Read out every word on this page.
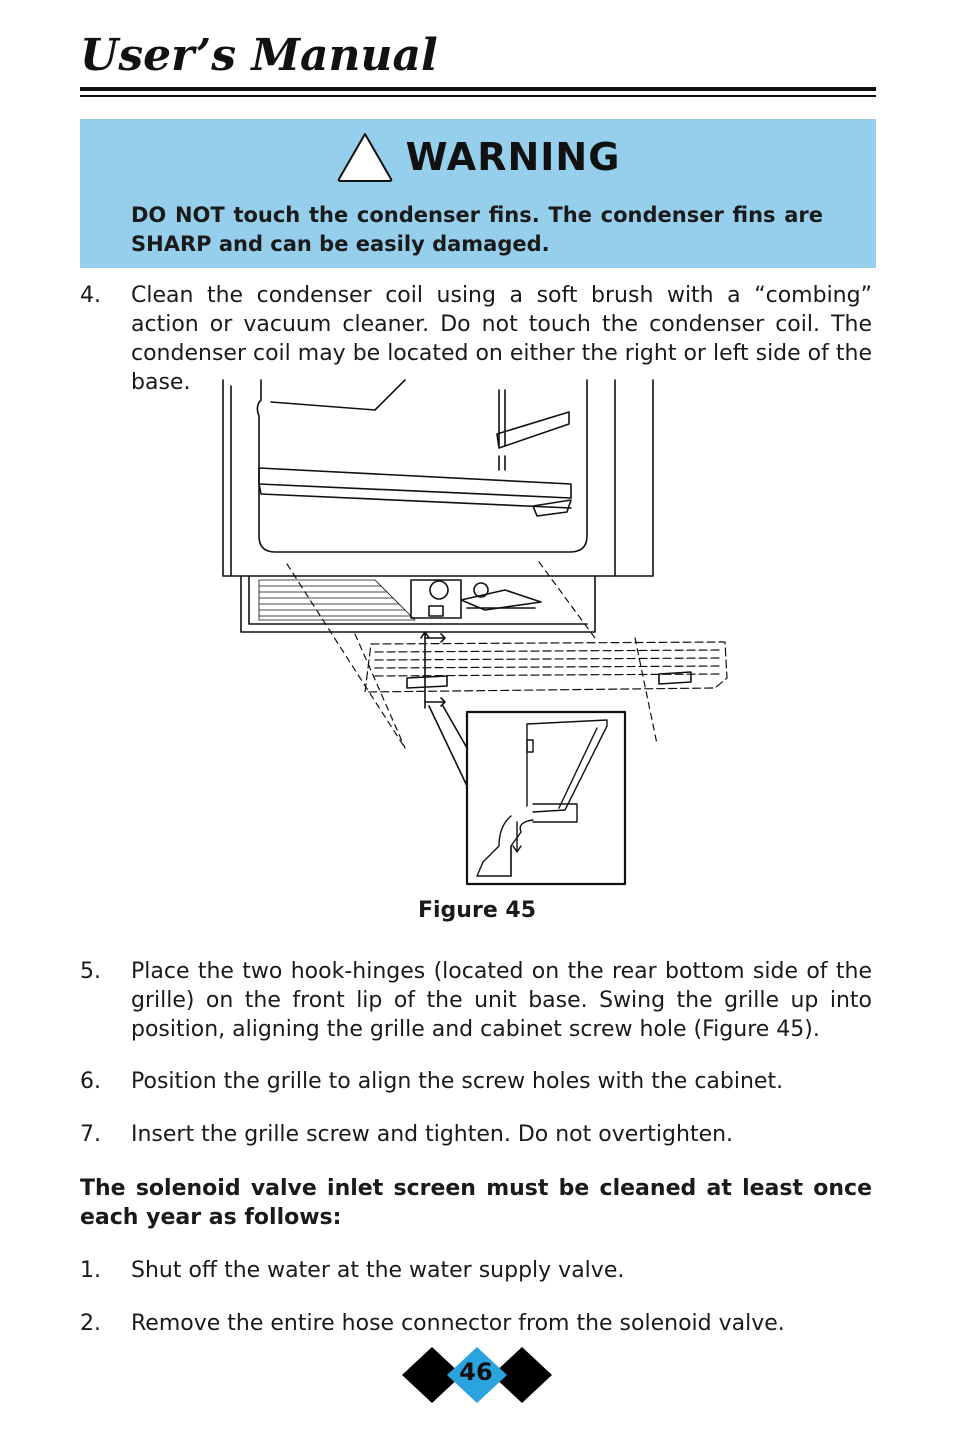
User’s Manual
WARNING
DO NOT touch the condenser fins. The condenser fins are SHARP and can be easily damaged.
4.	Clean the condenser coil using a soft brush with a “combing” action or vacuum cleaner. Do not touch the condenser coil. The condenser coil may be located on either the right or left side of the base.
Figure 45
5.	Place the two hook-hinges (located on the rear bottom side of the grille) on the front lip of the unit base. Swing the grille up into position, aligning the grille and cabinet screw hole (Figure 45).
6.	Position the grille to align the screw holes with the cabinet.
7.	Insert the grille screw and tighten. Do not overtighten.
The solenoid valve inlet screen must be cleaned at least once each year as follows:
1.	Shut off the water at the water supply valve.
2.	Remove the entire hose connector from the solenoid valve.
46
